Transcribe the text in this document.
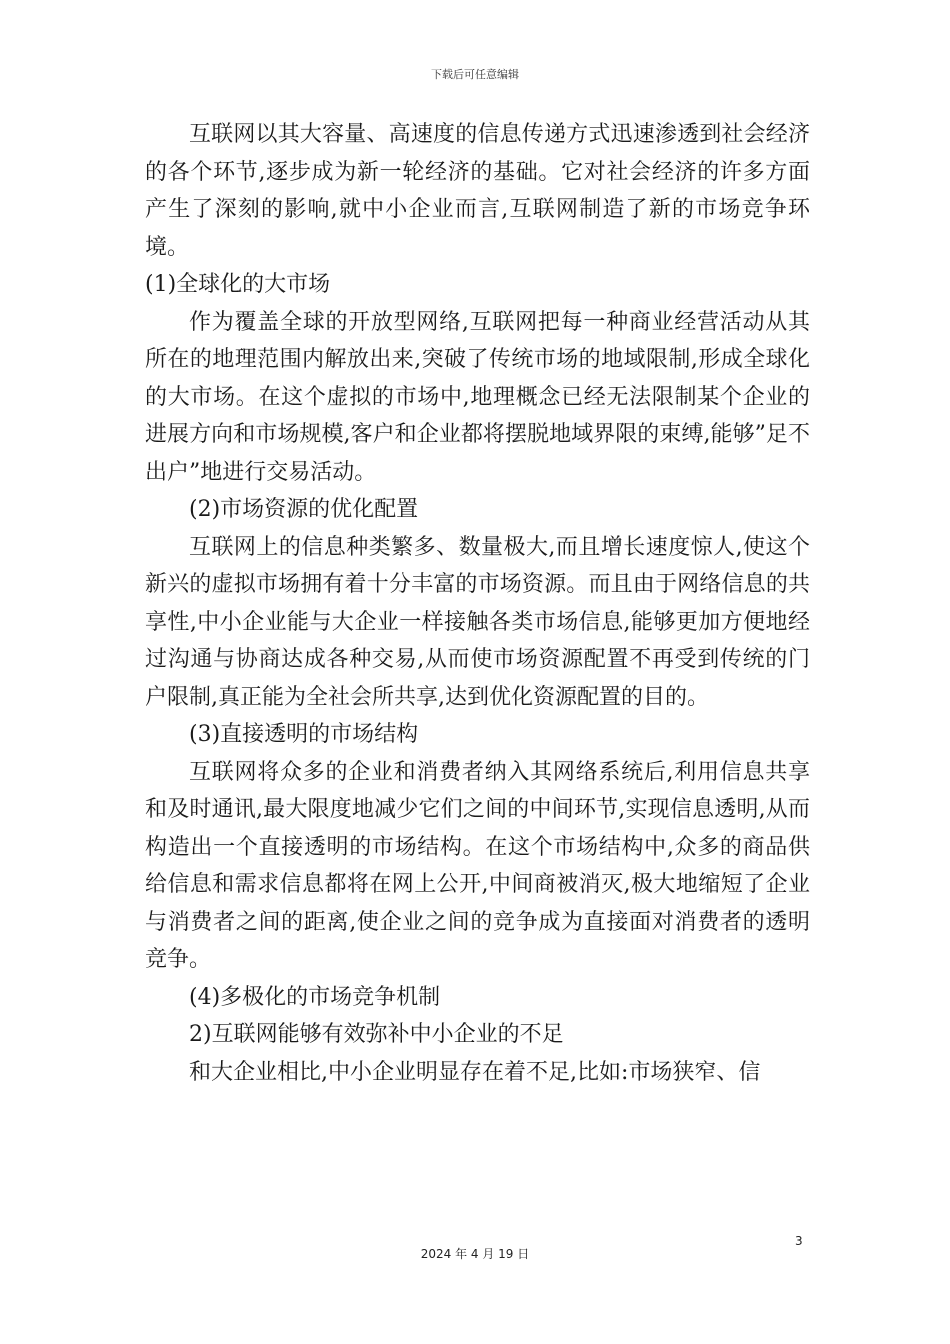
下载后可任意编辑

互联网以其大容量、高速度的信息传递方式迅速渗透到社会经济的各个环节,逐步成为新一轮经济的基础。它对社会经济的许多方面产生了深刻的影响,就中小企业而言,互联网制造了新的市场竞争环境。

(1)全球化的大市场

作为覆盖全球的开放型网络,互联网把每一种商业经营活动从其所在的地理范围内解放出来,突破了传统市场的地域限制,形成全球化的大市场。在这个虚拟的市场中,地理概念已经无法限制某个企业的进展方向和市场规模,客户和企业都将摆脱地域界限的束缚,能够”足不出户”地进行交易活动。

(2)市场资源的优化配置

互联网上的信息种类繁多、数量极大,而且增长速度惊人,使这个新兴的虚拟市场拥有着十分丰富的市场资源。而且由于网络信息的共享性,中小企业能与大企业一样接触各类市场信息,能够更加方便地经过沟通与协商达成各种交易,从而使市场资源配置不再受到传统的门户限制,真正能为全社会所共享,达到优化资源配置的目的。

(3)直接透明的市场结构

互联网将众多的企业和消费者纳入其网络系统后,利用信息共享和及时通讯,最大限度地减少它们之间的中间环节,实现信息透明,从而构造出一个直接透明的市场结构。在这个市场结构中,众多的商品供给信息和需求信息都将在网上公开,中间商被消灭,极大地缩短了企业与消费者之间的距离,使企业之间的竞争成为直接面对消费者的透明竞争。

(4)多极化的市场竞争机制

2)互联网能够有效弥补中小企业的不足

和大企业相比,中小企业明显存在着不足,比如:市场狭窄、信

3
2024 年 4 月 19 日
